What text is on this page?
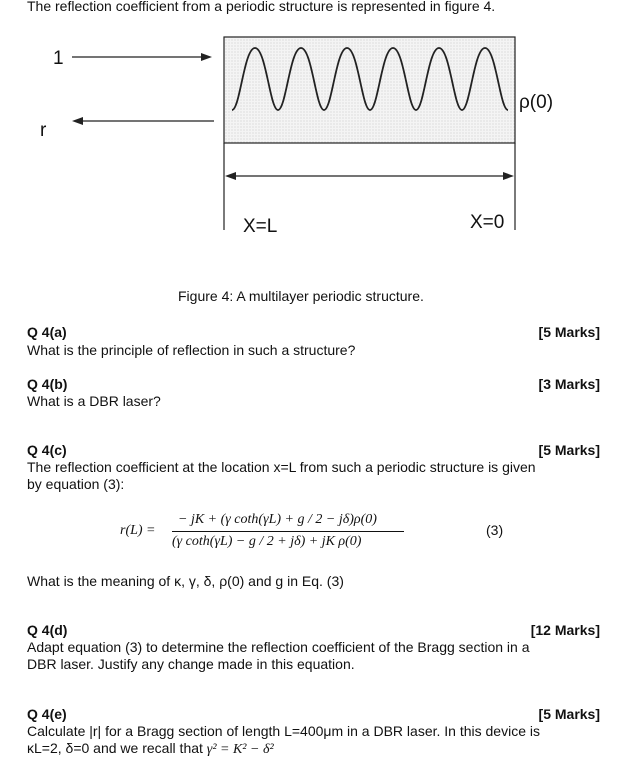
The reflection coefficient from a periodic structure is represented in figure 4.
1
r
ρ(0)
X=L	X=0
Figure 4: A multilayer periodic structure.
Q 4(a)	[5 Marks]
What is the principle of reflection in such a structure?
Q 4(b)	[3 Marks]
What is a DBR laser?
Q 4(c)	[5 Marks]
The reflection coefficient at the location x=L from such a periodic structure is given
by equation (3):
r(L) =
− jK + (γ coth(γL) + g / 2 − jδ)ρ(0)
(γ coth(γL) − g / 2 + jδ) + jK ρ(0)
(3)
What is the meaning of κ, γ, δ, ρ(0) and g in Eq. (3)
Q 4(d)	[12 Marks]
Adapt equation (3) to determine the reflection coefficient of the Bragg section in a
DBR laser. Justify any change made in this equation.
Q 4(e)	[5 Marks]
Calculate |r| for a Bragg section of length L=400μm in a DBR laser. In this device is
κL=2, δ=0 and we recall that γ² = K² − δ²
